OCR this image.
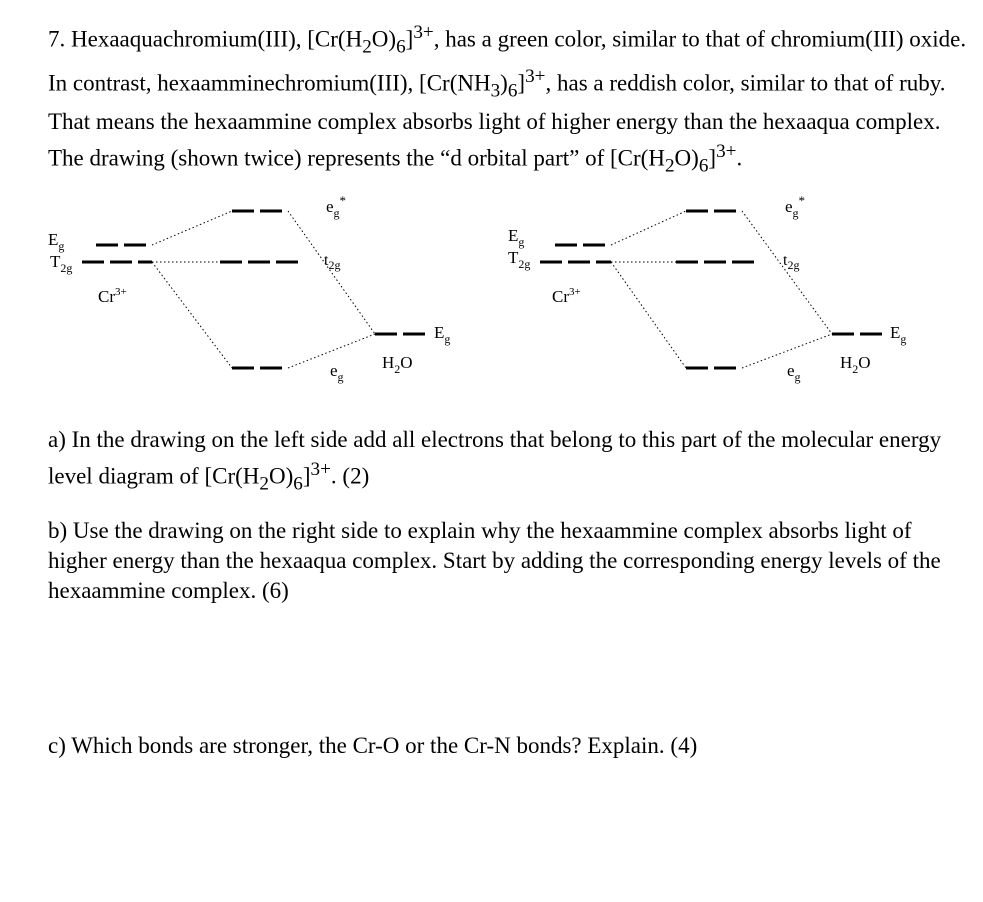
7. Hexaaquachromium(III), $[Cr(H_2O)_6]^{3+}$, has a green color, similar to that of chromium(III) oxide. In contrast, hexaamminechromium(III), $[Cr(NH_3)_6]^{3+}$, has a reddish color, similar to that of ruby. That means the hexaammine complex absorbs light of higher energy than the hexaaqua complex.

The drawing (shown twice) represents the “d orbital part” of $[Cr(H_2O)_6]^{3+}$.

$E_g$
$T_{2g}$
$Cr^{3+}$
$e_g^*$
$t_{2g}$
$e_g$
$E_g$
$H_2O$
$E_g$
$T_{2g}$
$Cr^{3+}$
$e_g^*$
$t_{2g}$
$e_g$
$E_g$
$H_2O$

a) In the drawing on the left side add all electrons that belong to this part of the molecular energy level diagram of $[Cr(H_2O)_6]^{3+}$. (2)

b) Use the drawing on the right side to explain why the hexaammine complex absorbs light of higher energy than the hexaaqua complex. Start by adding the corresponding energy levels of the hexaammine complex. (6)

c) Which bonds are stronger, the Cr-O or the Cr-N bonds? Explain. (4)
